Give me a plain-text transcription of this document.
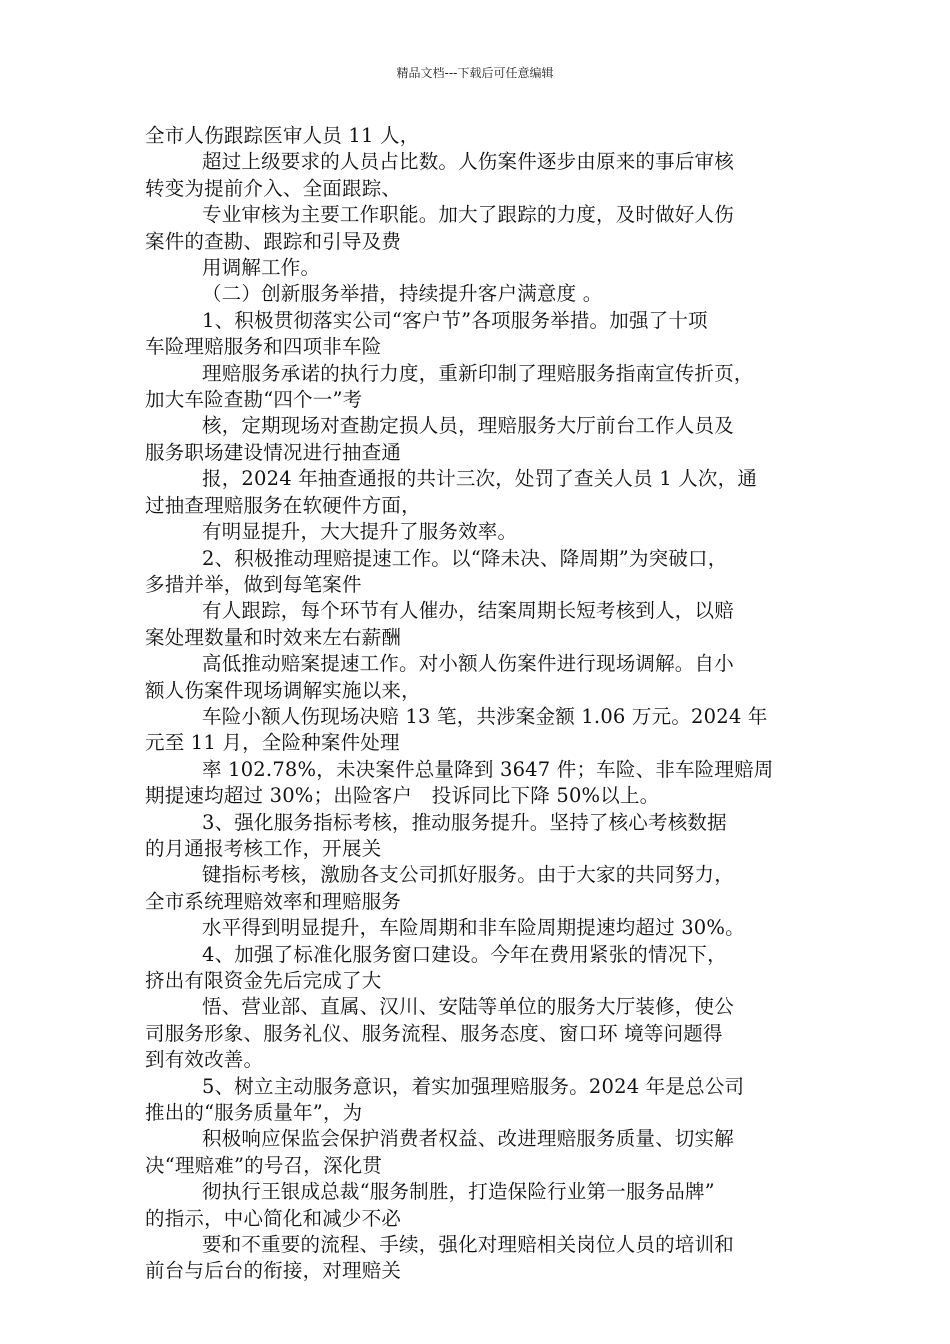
精品文档---下载后可任意编辑
全市人伤跟踪医审人员 11 人，
超过上级要求的人员占比数。人伤案件逐步由原来的事后审核
转变为提前介入、全面跟踪、
专业审核为主要工作职能。加大了跟踪的力度，及时做好人伤
案件的查勘、跟踪和引导及费
用调解工作。
（二）创新服务举措，持续提升客户满意度 。
1、积极贯彻落实公司“客户节”各项服务举措。加强了十项
车险理赔服务和四项非车险
理赔服务承诺的执行力度，重新印制了理赔服务指南宣传折页，
加大车险查勘“四个一”考
核，定期现场对查勘定损人员，理赔服务大厅前台工作人员及
服务职场建设情况进行抽查通
报，2024 年抽查通报的共计三次，处罚了查关人员 1 人次，通
过抽查理赔服务在软硬件方面，
有明显提升，大大提升了服务效率。
2、积极推动理赔提速工作。以“降未决、降周期”为突破口，
多措并举，做到每笔案件
有人跟踪，每个环节有人催办，结案周期长短考核到人，以赔
案处理数量和时效来左右薪酬
高低推动赔案提速工作。对小额人伤案件进行现场调解。自小
额人伤案件现场调解实施以来，
车险小额人伤现场决赔 13 笔，共涉案金额 1.06 万元。2024 年
元至 11 月，全险种案件处理
率 102.78%，未决案件总量降到 3647 件；车险、非车险理赔周
期提速均超过 30%；出险客户　投诉同比下降 50%以上。
3、强化服务指标考核，推动服务提升。坚持了核心考核数据
的月通报考核工作，开展关
键指标考核，激励各支公司抓好服务。由于大家的共同努力，
全市系统理赔效率和理赔服务
水平得到明显提升，车险周期和非车险周期提速均超过 30%。
4、加强了标准化服务窗口建设。今年在费用紧张的情况下，
挤出有限资金先后完成了大
悟、营业部、直属、汉川、安陆等单位的服务大厅装修，使公
司服务形象、服务礼仪、服务流程、服务态度、窗口环 境等问题得
到有效改善。
5、树立主动服务意识，着实加强理赔服务。2024 年是总公司
推出的“服务质量年”，为
积极响应保监会保护消费者权益、改进理赔服务质量、切实解
决“理赔难”的号召，深化贯
彻执行王银成总裁“服务制胜，打造保险行业第一服务品牌”
的指示，中心简化和减少不必
要和不重要的流程、手续，强化对理赔相关岗位人员的培训和
前台与后台的衔接，对理赔关
